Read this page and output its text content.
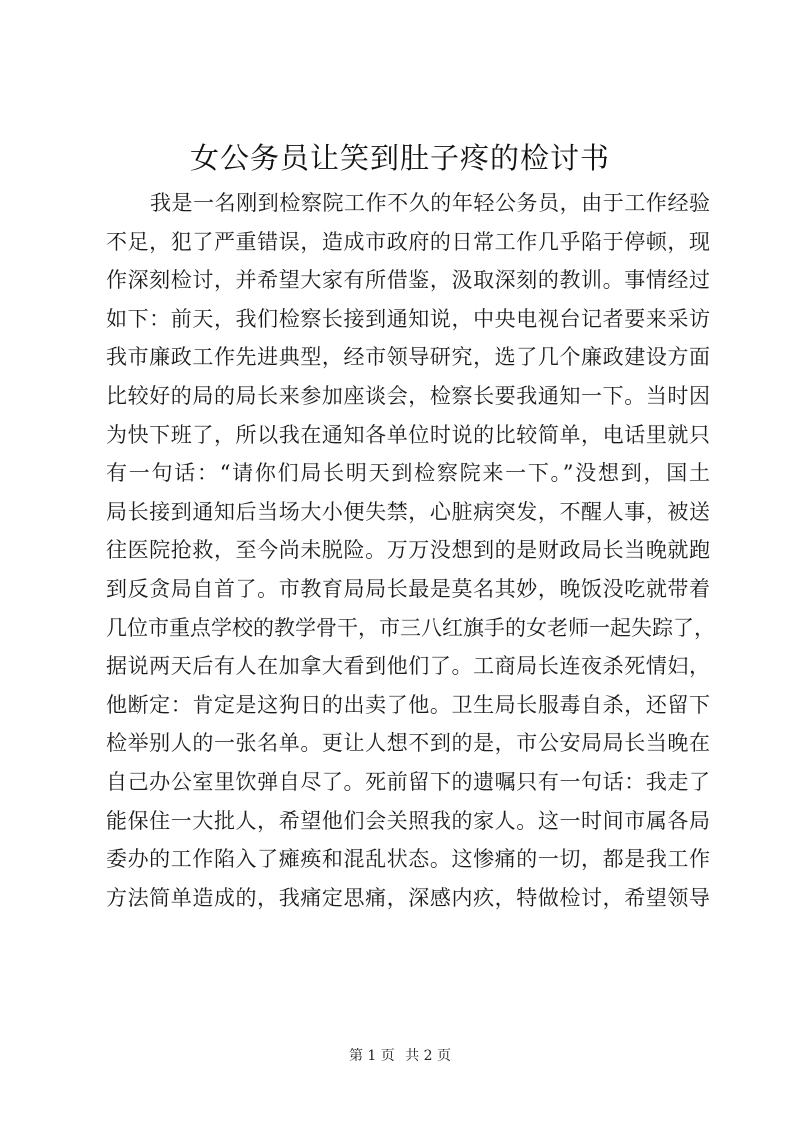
女公务员让笑到肚子疼的检讨书
我是一名刚到检察院工作不久的年轻公务员，由于工作经验
不足，犯了严重错误，造成市政府的日常工作几乎陷于停顿，现
作深刻检讨，并希望大家有所借鉴，汲取深刻的教训。事情经过
如下：前天，我们检察长接到通知说，中央电视台记者要来采访
我市廉政工作先进典型，经市领导研究，选了几个廉政建设方面
比较好的局的局长来参加座谈会，检察长要我通知一下。当时因
为快下班了，所以我在通知各单位时说的比较简单，电话里就只
有一句话：“请你们局长明天到检察院来一下。”没想到，国土
局长接到通知后当场大小便失禁，心脏病突发，不醒人事，被送
往医院抢救，至今尚未脱险。万万没想到的是财政局长当晚就跑
到反贪局自首了。市教育局局长最是莫名其妙，晚饭没吃就带着
几位市重点学校的教学骨干，市三八红旗手的女老师一起失踪了，
据说两天后有人在加拿大看到他们了。工商局长连夜杀死情妇，
他断定：肯定是这狗日的出卖了他。卫生局长服毒自杀，还留下
检举别人的一张名单。更让人想不到的是，市公安局局长当晚在
自己办公室里饮弹自尽了。死前留下的遗嘱只有一句话：我走了
能保住一大批人，希望他们会关照我的家人。这一时间市属各局
委办的工作陷入了瘫痪和混乱状态。这惨痛的一切，都是我工作
方法简单造成的，我痛定思痛，深感内疚，特做检讨，希望领导
第 1 页 共 2 页
